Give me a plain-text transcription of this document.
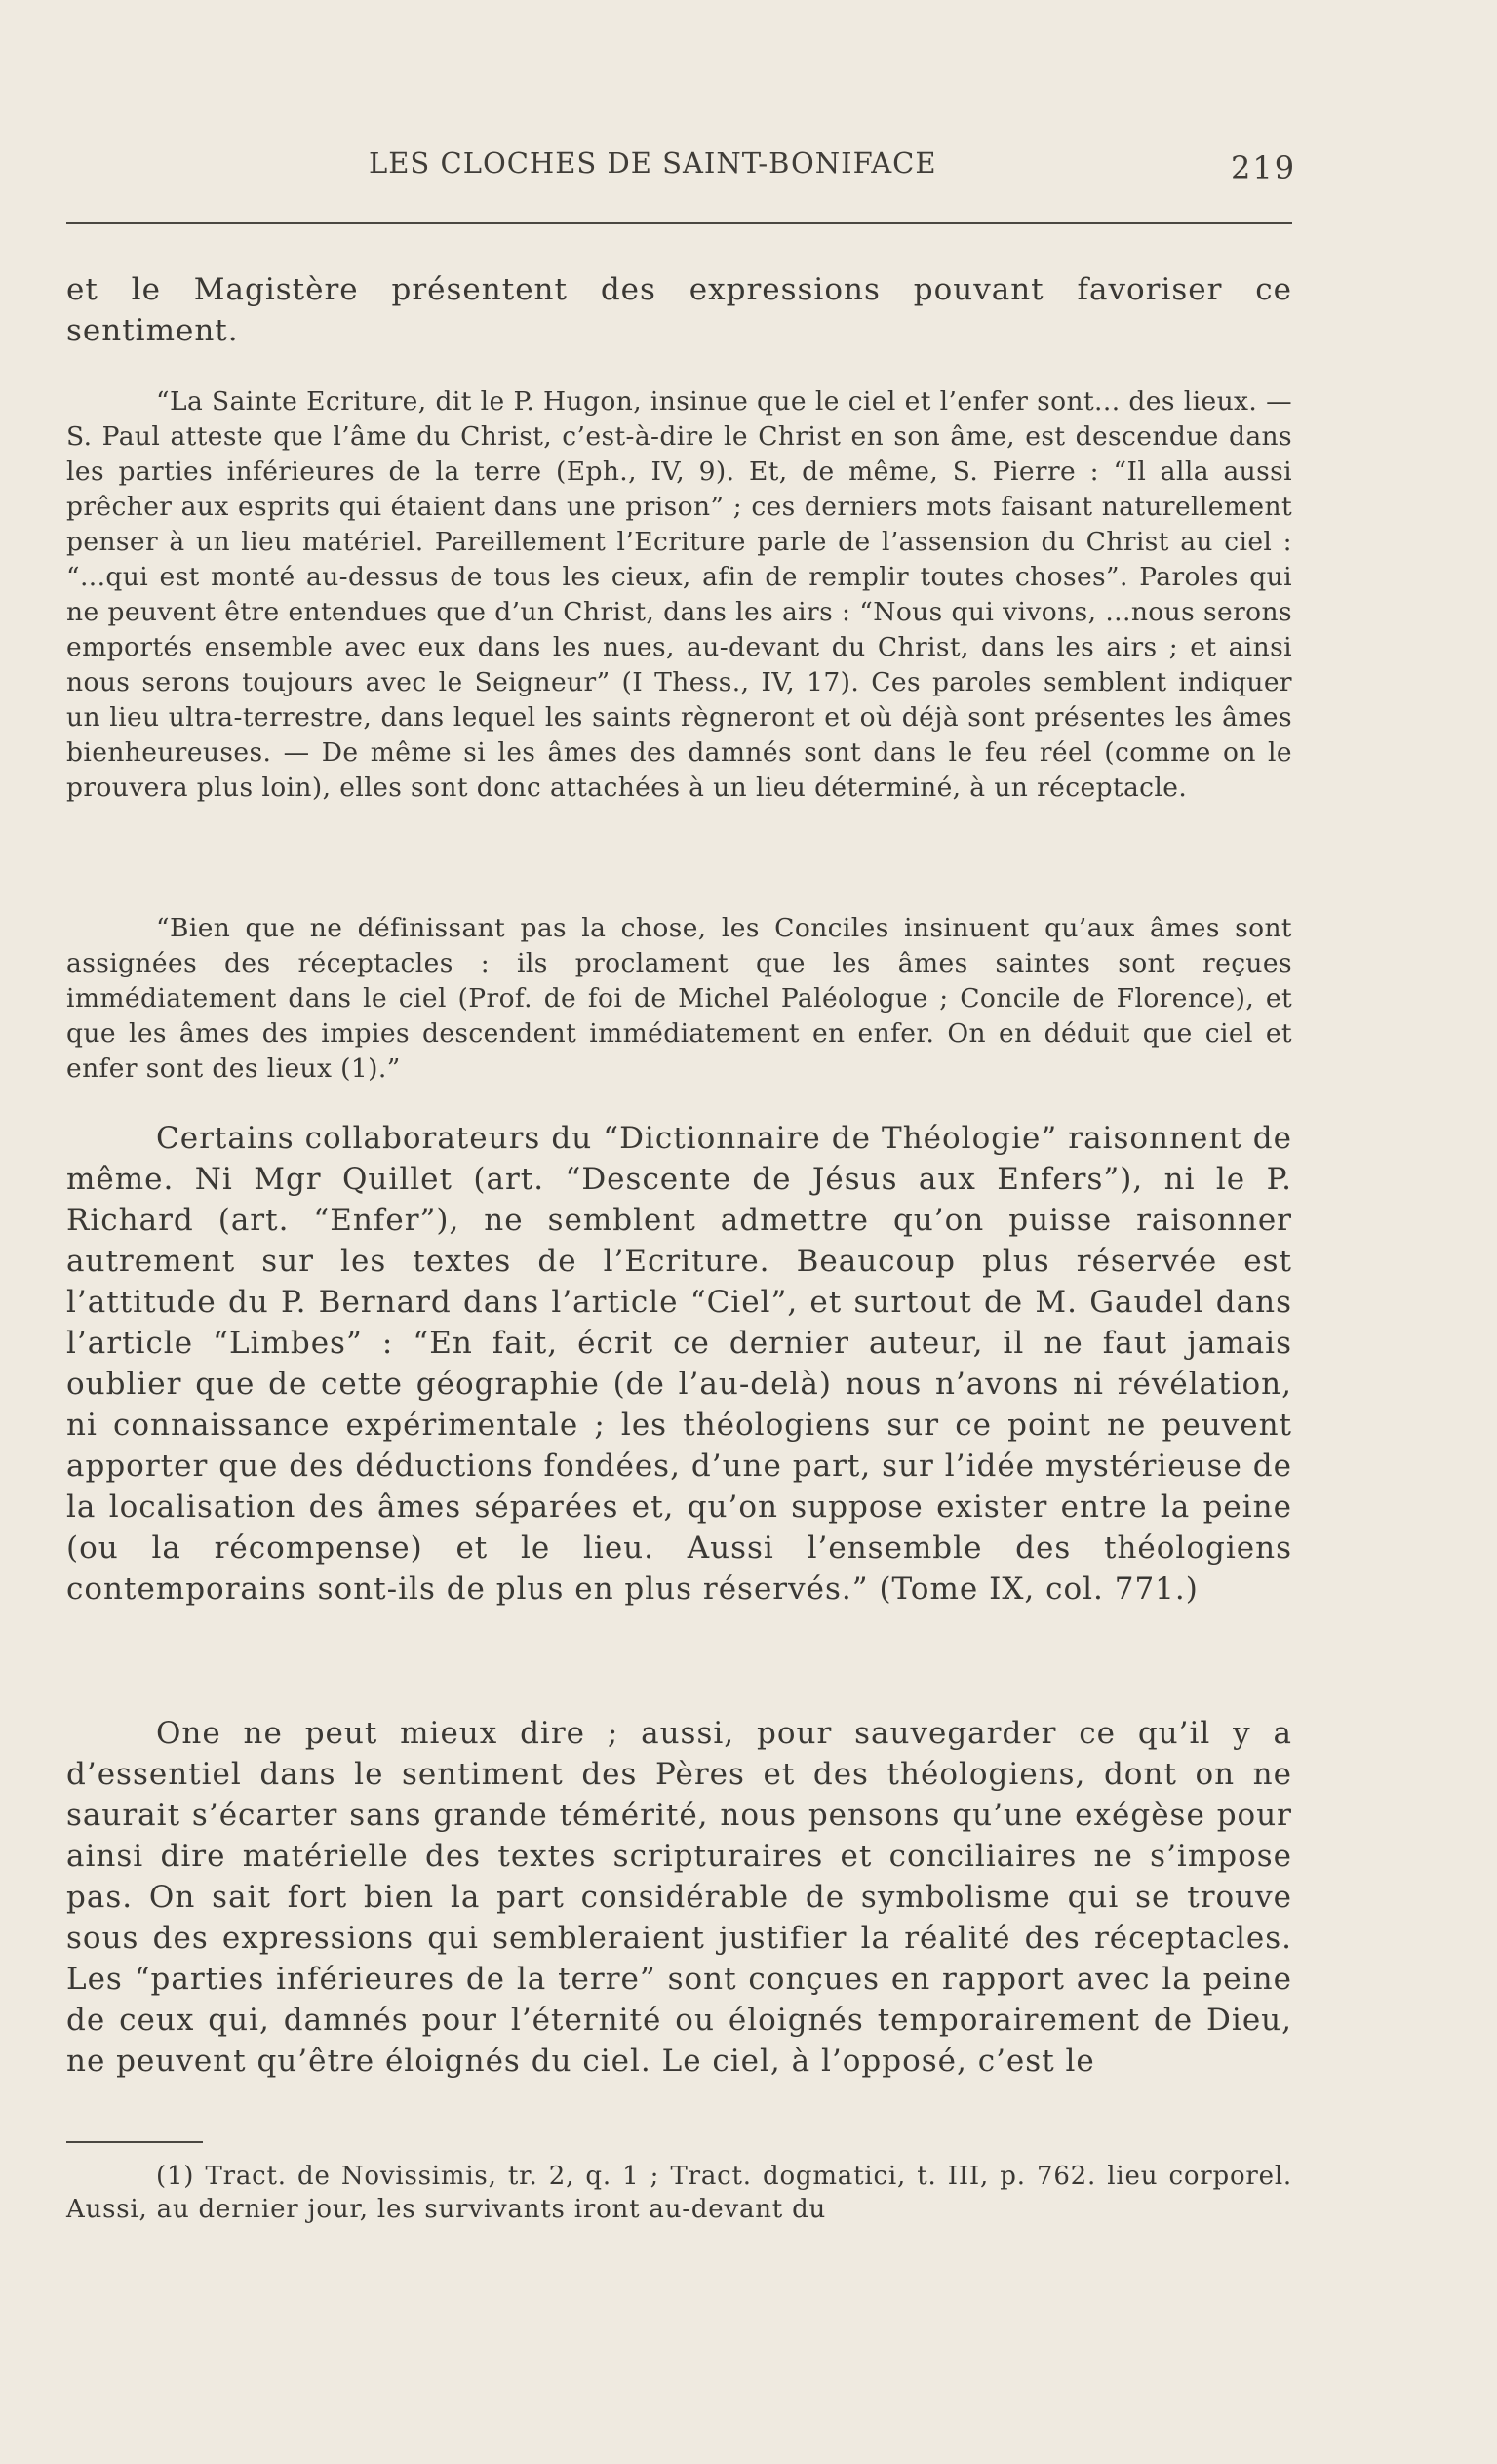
LES CLOCHES DE SAINT-BONIFACE	219

et le Magistère présentent des expressions pouvant favoriser ce sentiment.

“La Sainte Ecriture, dit le P. Hugon, insinue que le ciel et l’enfer sont... des lieux. — S. Paul atteste que l’âme du Christ, c’est-à-dire le Christ en son âme, est descendue dans les parties inférieures de la terre (Eph., IV, 9). Et, de même, S. Pierre : “Il alla aussi prêcher aux esprits qui étaient dans une prison” ; ces derniers mots faisant naturellement penser à un lieu matériel. Pareillement l’Ecriture parle de l’assension du Christ au ciel : “...qui est monté au-dessus de tous les cieux, afin de remplir toutes choses”. Paroles qui ne peuvent être entendues que d’un Christ, dans les airs : “Nous qui vivons, ...nous serons emportés ensemble avec eux dans les nues, au-devant du Christ, dans les airs ; et ainsi nous serons toujours avec le Seigneur” (I Thess., IV, 17). Ces paroles semblent indiquer un lieu ultra-terrestre, dans lequel les saints règneront et où déjà sont présentes les âmes bienheureuses. — De même si les âmes des damnés sont dans le feu réel (comme on le prouvera plus loin), elles sont donc attachées à un lieu déterminé, à un réceptacle.

“Bien que ne définissant pas la chose, les Conciles insinuent qu’aux âmes sont assignées des réceptacles : ils proclament que les âmes saintes sont reçues immédiatement dans le ciel (Prof. de foi de Michel Paléologue ; Concile de Florence), et que les âmes des impies descendent immédiatement en enfer. On en déduit que ciel et enfer sont des lieux (1).”

Certains collaborateurs du “Dictionnaire de Théologie” raisonnent de même. Ni Mgr Quillet (art. “Descente de Jésus aux Enfers”), ni le P. Richard (art. “Enfer”), ne semblent admettre qu’on puisse raisonner autrement sur les textes de l’Ecriture. Beaucoup plus réservée est l’attitude du P. Bernard dans l’article “Ciel”, et surtout de M. Gaudel dans l’article “Limbes” : “En fait, écrit ce dernier auteur, il ne faut jamais oublier que de cette géographie (de l’au-delà) nous n’avons ni révélation, ni connaissance expérimentale ; les théologiens sur ce point ne peuvent apporter que des déductions fondées, d’une part, sur l’idée mystérieuse de la localisation des âmes séparées et, qu’on suppose exister entre la peine (ou la récompense) et le lieu. Aussi l’ensemble des théologiens contemporains sont-ils de plus en plus réservés.” (Tome IX, col. 771.)

One ne peut mieux dire ; aussi, pour sauvegarder ce qu’il y a d’essentiel dans le sentiment des Pères et des théologiens, dont on ne saurait s’écarter sans grande témérité, nous pensons qu’une exégèse pour ainsi dire matérielle des textes scripturaires et conciliaires ne s’impose pas. On sait fort bien la part considérable de symbolisme qui se trouve sous des expressions qui sembleraient justifier la réalité des réceptacles. Les “parties inférieures de la terre” sont conçues en rapport avec la peine de ceux qui, damnés pour l’éternité ou éloignés temporairement de Dieu, ne peuvent qu’être éloignés du ciel. Le ciel, à l’opposé, c’est le

(1) Tract. de Novissimis, tr. 2, q. 1 ; Tract. dogmatici, t. III, p. 762. lieu corporel. Aussi, au dernier jour, les survivants iront au-devant du
